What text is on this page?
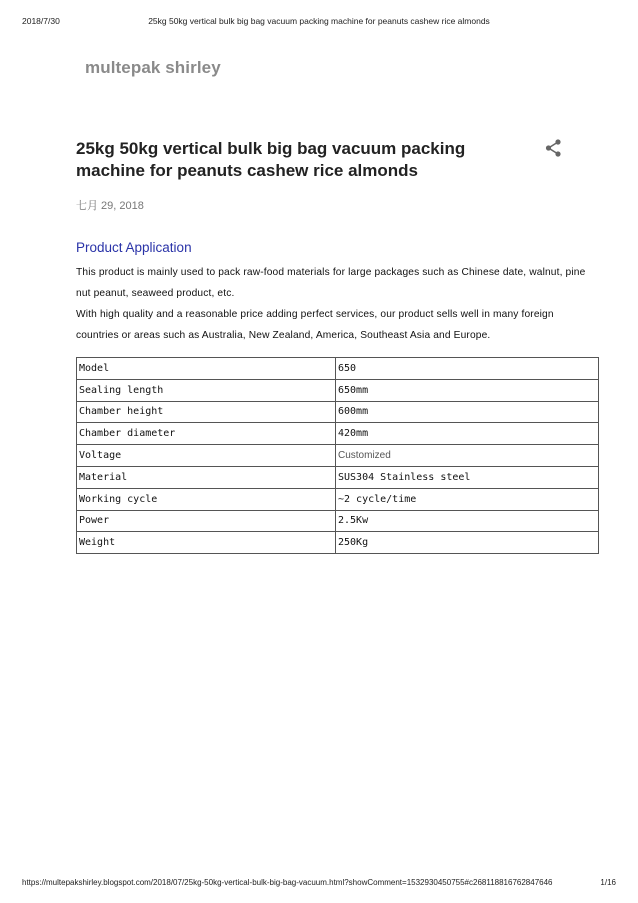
2018/7/30	25kg 50kg vertical bulk big bag vacuum packing machine for peanuts cashew rice almonds
multepak shirley
25kg 50kg vertical bulk big bag vacuum packing machine for peanuts cashew rice almonds
七月 29, 2018
Product Application

This product is mainly used to pack raw-food materials for large packages such as Chinese date, walnut, pine nut peanut, seaweed product, etc.

With high quality and a reasonable price adding perfect services, our product sells well in many foreign countries or areas such as Australia, New Zealand, America, Southeast Asia and Europe.

Model	650
Sealing length	650mm
Chamber height	600mm
Chamber diameter	420mm
Voltage	Customized
Material	SUS304 Stainless steel
Working cycle	~2 cycle/time
Power	2.5Kw
Weight	250Kg
https://multepakshirley.blogspot.com/2018/07/25kg-50kg-vertical-bulk-big-bag-vacuum.html?showComment=1532930450755#c2681188167628476​46	1/16
